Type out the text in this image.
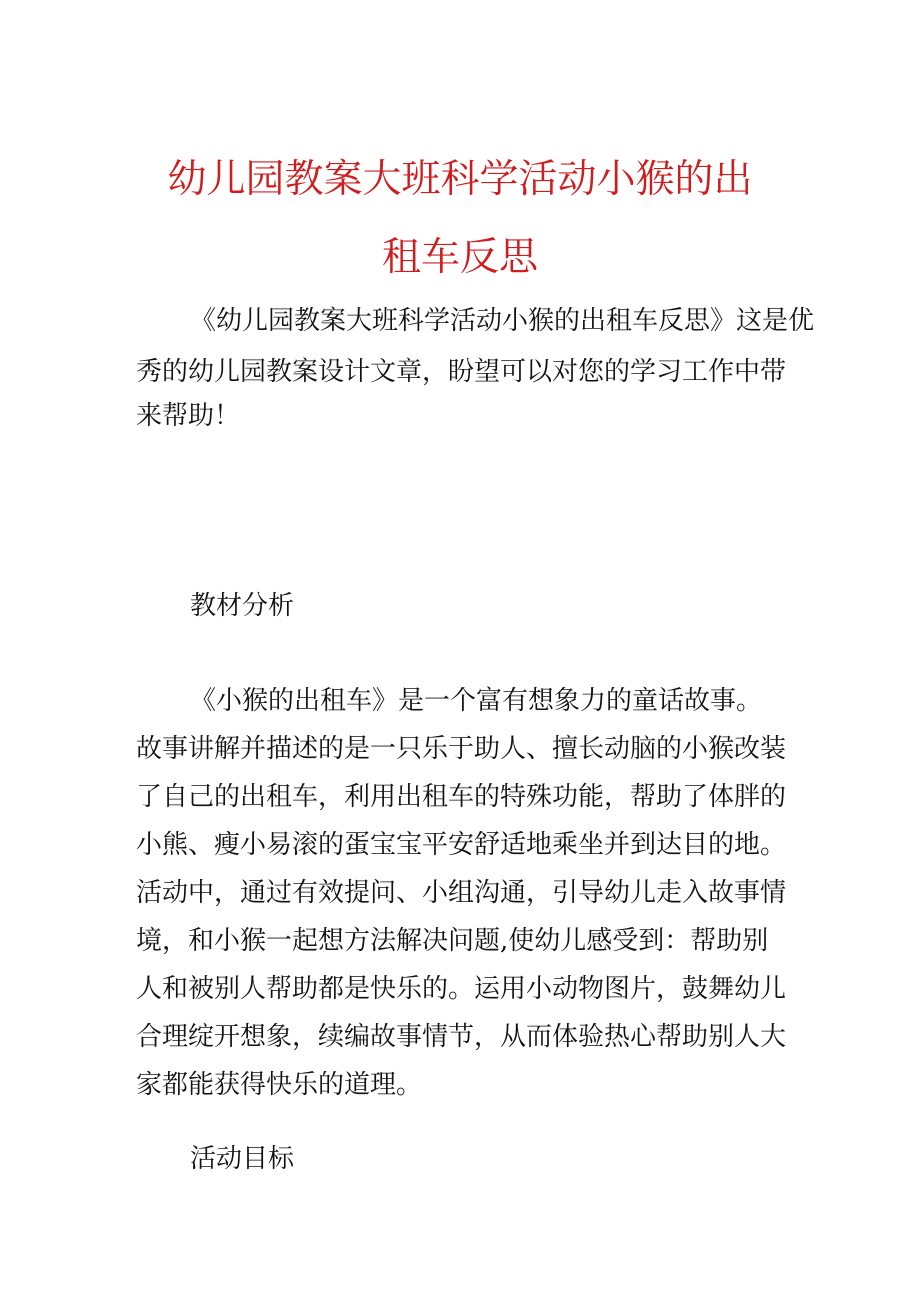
幼儿园教案大班科学活动小猴的出
租车反思

《幼儿园教案大班科学活动小猴的出租车反思》这是优

秀的幼儿园教案设计文章，盼望可以对您的学习工作中带

来帮助！

教材分析

《小猴的出租车》是一个富有想象力的童话故事。

故事讲解并描述的是一只乐于助人、擅长动脑的小猴改装

了自己的出租车，利用出租车的特殊功能，帮助了体胖的

小熊、瘦小易滚的蛋宝宝平安舒适地乘坐并到达目的地。

活动中，通过有效提问、小组沟通，引导幼儿走入故事情

境，和小猴一起想方法解决问题,使幼儿感受到：帮助别

人和被别人帮助都是快乐的。运用小动物图片，鼓舞幼儿

合理绽开想象，续编故事情节，从而体验热心帮助别人大

家都能获得快乐的道理。

活动目标
